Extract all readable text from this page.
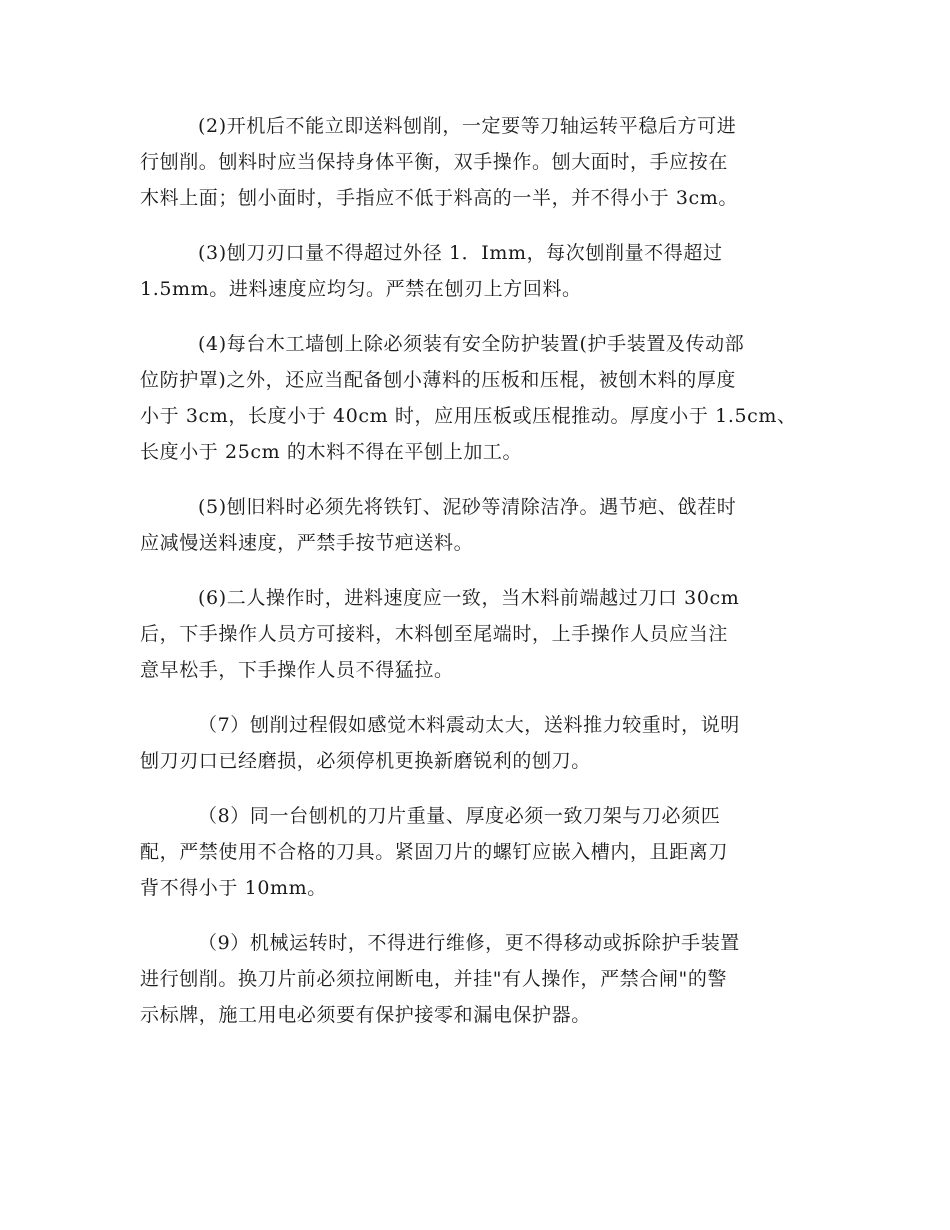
(2)开机后不能立即送料刨削，一定要等刀轴运转平稳后方可进
行刨削。刨料时应当保持身体平衡，双手操作。刨大面时，手应按在
木料上面；刨小面时，手指应不低于料高的一半，并不得小于 3cm。
(3)刨刀刃口量不得超过外径 1．Imm，每次刨削量不得超过
1.5mm。进料速度应均匀。严禁在刨刃上方回料。
(4)每台木工墙刨上除必须装有安全防护装置(护手装置及传动部
位防护罩)之外，还应当配备刨小薄料的压板和压棍，被刨木料的厚度
小于 3cm，长度小于 40cm 时，应用压板或压棍推动。厚度小于 1.5cm、
长度小于 25cm 的木料不得在平刨上加工。
(5)刨旧料时必须先将铁钉、泥砂等清除洁净。遇节疤、戗茬时
应减慢送料速度，严禁手按节疤送料。
(6)二人操作时，进料速度应一致，当木料前端越过刀口 30cm
后，下手操作人员方可接料，木料刨至尾端时，上手操作人员应当注
意早松手，下手操作人员不得猛拉。
（7）刨削过程假如感觉木料震动太大，送料推力较重时，说明
刨刀刃口已经磨损，必须停机更换新磨锐利的刨刀。
（8）同一台刨机的刀片重量、厚度必须一致刀架与刀必须匹
配，严禁使用不合格的刀具。紧固刀片的螺钉应嵌入槽内，且距离刀
背不得小于 10mm。
（9）机械运转时，不得进行维修，更不得移动或拆除护手装置
进行刨削。换刀片前必须拉闸断电，并挂"有人操作，严禁合闸"的警
示标牌，施工用电必须要有保护接零和漏电保护器。
